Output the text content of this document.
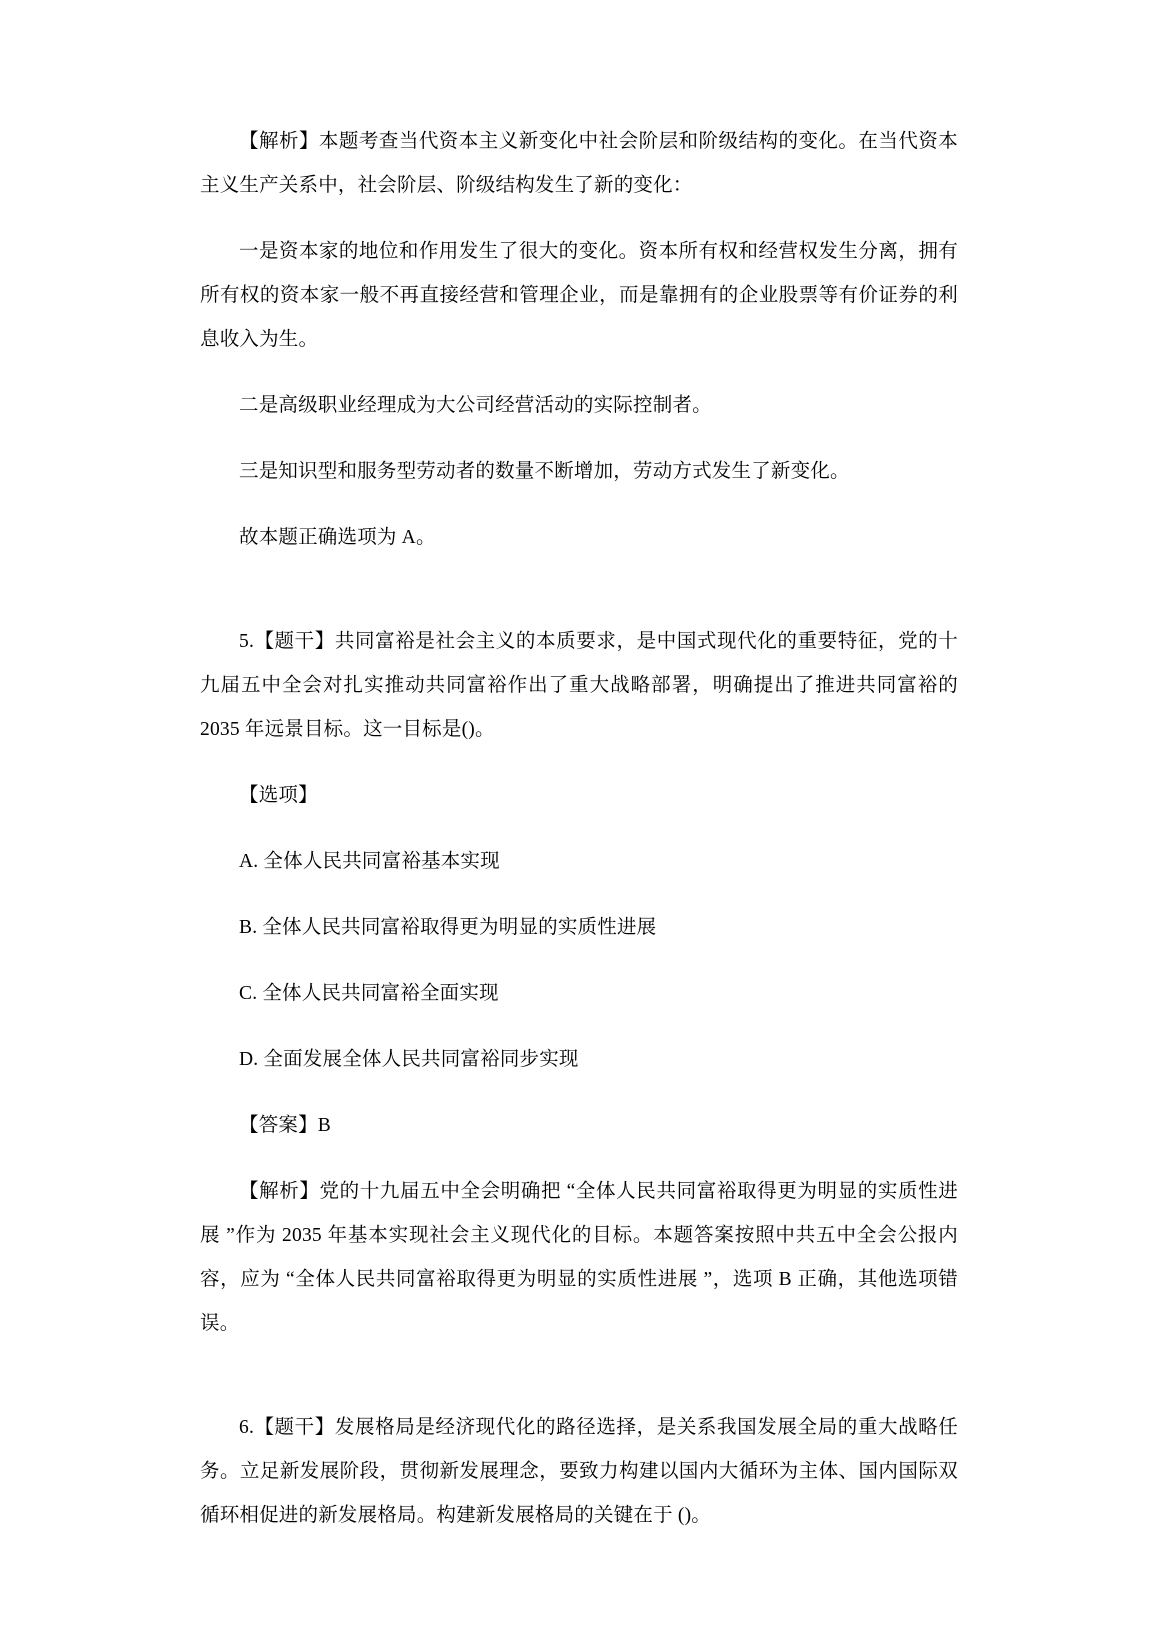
【解析】本题考查当代资本主义新变化中社会阶层和阶级结构的变化。在当代资本主义生产关系中，社会阶层、阶级结构发生了新的变化：

一是资本家的地位和作用发生了很大的变化。资本所有权和经营权发生分离，拥有所有权的资本家一般不再直接经营和管理企业，而是靠拥有的企业股票等有价证券的利息收入为生。

二是高级职业经理成为大公司经营活动的实际控制者。

三是知识型和服务型劳动者的数量不断增加，劳动方式发生了新变化。

故本题正确选项为 A。

5.【题干】共同富裕是社会主义的本质要求，是中国式现代化的重要特征，党的十九届五中全会对扎实推动共同富裕作出了重大战略部署，明确提出了推进共同富裕的 2035 年远景目标。这一目标是()。

【选项】

A. 全体人民共同富裕基本实现

B. 全体人民共同富裕取得更为明显的实质性进展

C. 全体人民共同富裕全面实现

D. 全面发展全体人民共同富裕同步实现

【答案】B

【解析】党的十九届五中全会明确把 “全体人民共同富裕取得更为明显的实质性进展 ”作为 2035 年基本实现社会主义现代化的目标。本题答案按照中共五中全会公报内容，应为 “全体人民共同富裕取得更为明显的实质性进展 ”，选项 B 正确，其他选项错误。

6.【题干】发展格局是经济现代化的路径选择，是关系我国发展全局的重大战略任务。立足新发展阶段，贯彻新发展理念，要致力构建以国内大循环为主体、国内国际双循环相促进的新发展格局。构建新发展格局的关键在于 ()。
